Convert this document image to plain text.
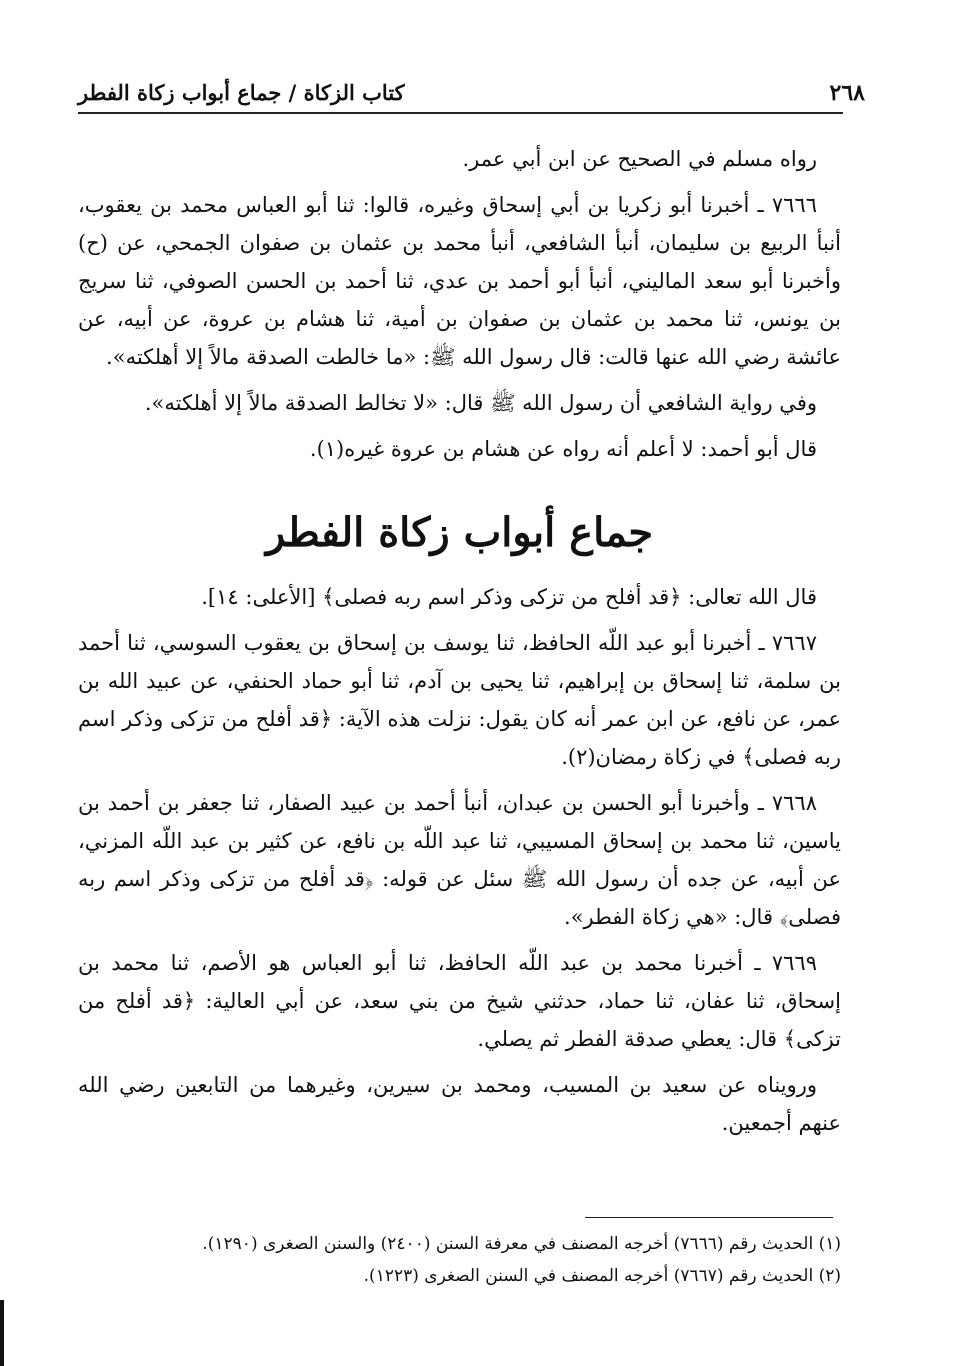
٢٦٨
كتاب الزكاة / جماع أبواب زكاة الفطر

رواه مسلم في الصحيح عن ابن أبي عمر.

٧٦٦٦ ـ أخبرنا أبو زكريا بن أبي إسحاق وغيره، قالوا: ثنا أبو العباس محمد بن يعقوب، أنبأ الربيع بن سليمان، أنبأ الشافعي، أنبأ محمد بن عثمان بن صفوان الجمحي، عن (ح) وأخبرنا أبو سعد الماليني، أنبأ أبو أحمد بن عدي، ثنا أحمد بن الحسن الصوفي، ثنا سريج بن يونس، ثنا محمد بن عثمان بن صفوان بن أمية، ثنا هشام بن عروة، عن أبيه، عن عائشة رضي الله عنها قالت: قال رسول الله ﷺ: «ما خالطت الصدقة مالاً إلا أهلكته».

وفي رواية الشافعي أن رسول الله ﷺ قال: «لا تخالط الصدقة مالاً إلا أهلكته».

قال أبو أحمد: لا أعلم أنه رواه عن هشام بن عروة غيره(١).

جماع أبواب زكاة الفطر

قال الله تعالى: ﴿قد أفلح من تزكى وذكر اسم ربه فصلى﴾ [الأعلى: ١٤].

٧٦٦٧ ـ أخبرنا أبو عبد اللّه الحافظ، ثنا يوسف بن إسحاق بن يعقوب السوسي، ثنا أحمد بن سلمة، ثنا إسحاق بن إبراهيم، ثنا يحيى بن آدم، ثنا أبو حماد الحنفي، عن عبيد الله بن عمر، عن نافع، عن ابن عمر أنه كان يقول: نزلت هذه الآية: ﴿قد أفلح من تزكى وذكر اسم ربه فصلى﴾ في زكاة رمضان(٢).

٧٦٦٨ ـ وأخبرنا أبو الحسن بن عبدان، أنبأ أحمد بن عبيد الصفار، ثنا جعفر بن أحمد بن ياسين، ثنا محمد بن إسحاق المسيبي، ثنا عبد اللّه بن نافع، عن كثير بن عبد اللّه المزني، عن أبيه، عن جده أن رسول الله ﷺ سئل عن قوله: ﴿قد أفلح من تزكى وذكر اسم ربه فصلى﴾ قال: «هي زكاة الفطر».

٧٦٦٩ ـ أخبرنا محمد بن عبد اللّه الحافظ، ثنا أبو العباس هو الأصم، ثنا محمد بن إسحاق، ثنا عفان، ثنا حماد، حدثني شيخ من بني سعد، عن أبي العالية: ﴿قد أفلح من تزكى﴾ قال: يعطي صدقة الفطر ثم يصلي.

ورويناه عن سعيد بن المسيب، ومحمد بن سيرين، وغيرهما من التابعين رضي الله عنهم أجمعين.

(١) الحديث رقم (٧٦٦٦) أخرجه المصنف في معرفة السنن (٢٤٠٠) والسنن الصغرى (١٢٩٠).

(٢) الحديث رقم (٧٦٦٧) أخرجه المصنف في السنن الصغرى (١٢٢٣).
